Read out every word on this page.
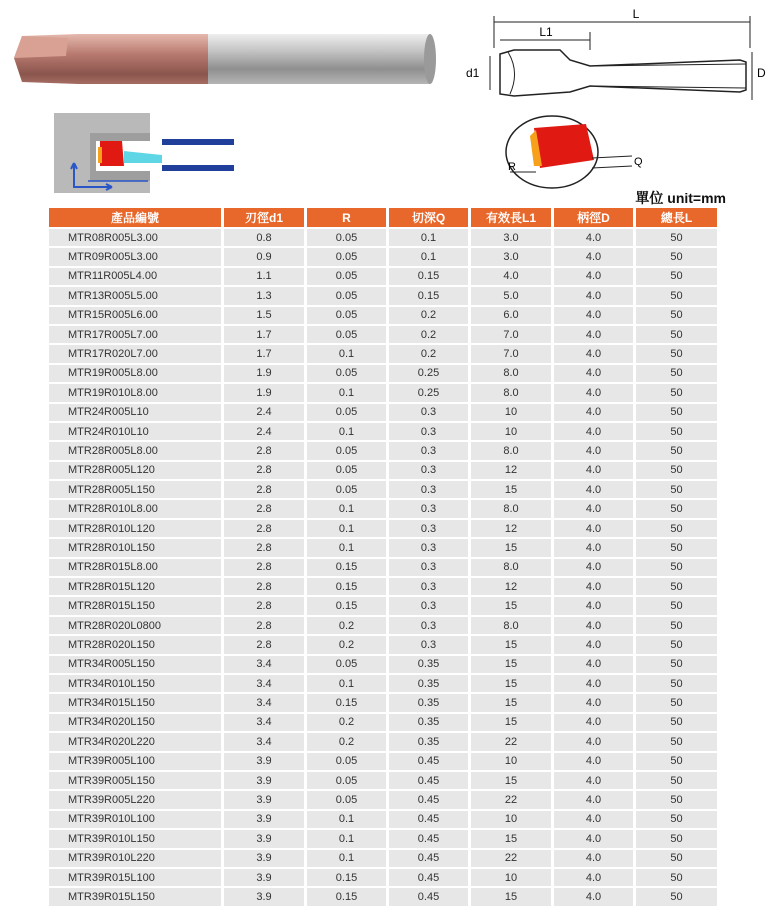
L
L1
d1	D
Q
R
單位 unit=mm
產品編號	刃徑d1	R	切深Q	有效長L1	柄徑D	總長L
MTR08R005L3.00	0.8	0.05	0.1	3.0	4.0	50
MTR09R005L3.00	0.9	0.05	0.1	3.0	4.0	50
MTR11R005L4.00	1.1	0.05	0.15	4.0	4.0	50
MTR13R005L5.00	1.3	0.05	0.15	5.0	4.0	50
MTR15R005L6.00	1.5	0.05	0.2	6.0	4.0	50
MTR17R005L7.00	1.7	0.05	0.2	7.0	4.0	50
MTR17R020L7.00	1.7	0.1	0.2	7.0	4.0	50
MTR19R005L8.00	1.9	0.05	0.25	8.0	4.0	50
MTR19R010L8.00	1.9	0.1	0.25	8.0	4.0	50
MTR24R005L10	2.4	0.05	0.3	10	4.0	50
MTR24R010L10	2.4	0.1	0.3	10	4.0	50
MTR28R005L8.00	2.8	0.05	0.3	8.0	4.0	50
MTR28R005L120	2.8	0.05	0.3	12	4.0	50
MTR28R005L150	2.8	0.05	0.3	15	4.0	50
MTR28R010L8.00	2.8	0.1	0.3	8.0	4.0	50
MTR28R010L120	2.8	0.1	0.3	12	4.0	50
MTR28R010L150	2.8	0.1	0.3	15	4.0	50
MTR28R015L8.00	2.8	0.15	0.3	8.0	4.0	50
MTR28R015L120	2.8	0.15	0.3	12	4.0	50
MTR28R015L150	2.8	0.15	0.3	15	4.0	50
MTR28R020L0800	2.8	0.2	0.3	8.0	4.0	50
MTR28R020L150	2.8	0.2	0.3	15	4.0	50
MTR34R005L150	3.4	0.05	0.35	15	4.0	50
MTR34R010L150	3.4	0.1	0.35	15	4.0	50
MTR34R015L150	3.4	0.15	0.35	15	4.0	50
MTR34R020L150	3.4	0.2	0.35	15	4.0	50
MTR34R020L220	3.4	0.2	0.35	22	4.0	50
MTR39R005L100	3.9	0.05	0.45	10	4.0	50
MTR39R005L150	3.9	0.05	0.45	15	4.0	50
MTR39R005L220	3.9	0.05	0.45	22	4.0	50
MTR39R010L100	3.9	0.1	0.45	10	4.0	50
MTR39R010L150	3.9	0.1	0.45	15	4.0	50
MTR39R010L220	3.9	0.1	0.45	22	4.0	50
MTR39R015L100	3.9	0.15	0.45	10	4.0	50
MTR39R015L150	3.9	0.15	0.45	15	4.0	50
